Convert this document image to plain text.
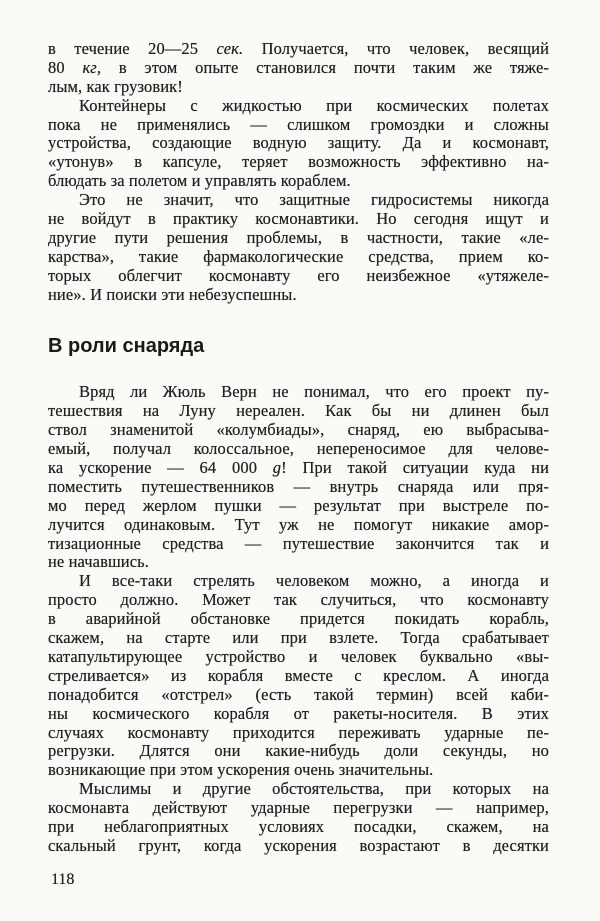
в течение 20—25 сек. Получается, что человек, весящий
80 кг, в этом опыте становился почти таким же тяже-
лым, как грузовик!
Контейнеры с жидкостью при космических полетах
пока не применялись — слишком громоздки и сложны
устройства, создающие водную защиту. Да и космонавт,
«утонув» в капсуле, теряет возможность эффективно на-
блюдать за полетом и управлять кораблем.
Это не значит, что защитные гидросистемы никогда
не войдут в практику космонавтики. Но сегодня ищут и
другие пути решения проблемы, в частности, такие «ле-
карства», такие фармакологические средства, прием ко-
торых облегчит космонавту его неизбежное «утяжеле-
ние». И поиски эти небезуспешны.
В роли снаряда
Вряд ли Жюль Верн не понимал, что его проект пу-
тешествия на Луну нереален. Как бы ни длинен был
ствол знаменитой «колумбиады», снаряд, ею выбрасыва-
емый, получал колоссальное, непереносимое для челове-
ка ускорение — 64 000 g! При такой ситуации куда ни
поместить путешественников — внутрь снаряда или пря-
мо перед жерлом пушки — результат при выстреле по-
лучится одинаковым. Тут уж не помогут никакие амор-
тизационные средства — путешествие закончится так и
не начавшись.
И все-таки стрелять человеком можно, а иногда и
просто должно. Может так случиться, что космонавту
в аварийной обстановке придется покидать корабль,
скажем, на старте или при взлете. Тогда срабатывает
катапультирующее устройство и человек буквально «вы-
стреливается» из корабля вместе с креслом. А иногда
понадобится «отстрел» (есть такой термин) всей каби-
ны космического корабля от ракеты-носителя. В этих
случаях космонавту приходится переживать ударные пе-
регрузки. Длятся они какие-нибудь доли секунды, но
возникающие при этом ускорения очень значительны.
Мыслимы и другие обстоятельства, при которых на
космонавта действуют ударные перегрузки — например,
при неблагоприятных условиях посадки, скажем, на
скальный грунт, когда ускорения возрастают в десятки
118
